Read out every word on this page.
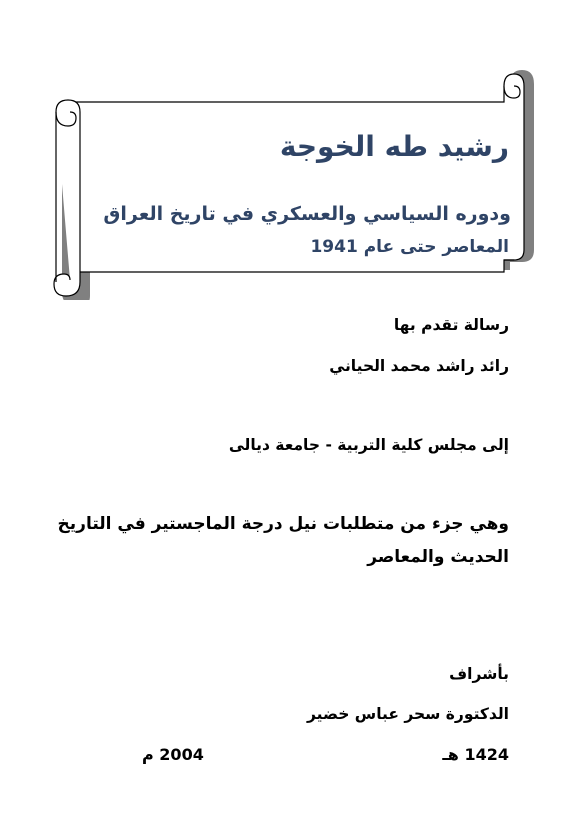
رشيد طه الخوجة
ودوره السياسي والعسكري في تاريخ العراق
المعاصر حتى عام 1941
رسالة تقدم بها
رائد راشد محمد الحياني
إلى مجلس كلية التربية - جامعة ديالى
وهي جزء من متطلبات نيل درجة الماجستير في التاريخ
الحديث والمعاصر
بأشراف
الدكتورة سحر عباس خضير
1424 هـ
2004 م
